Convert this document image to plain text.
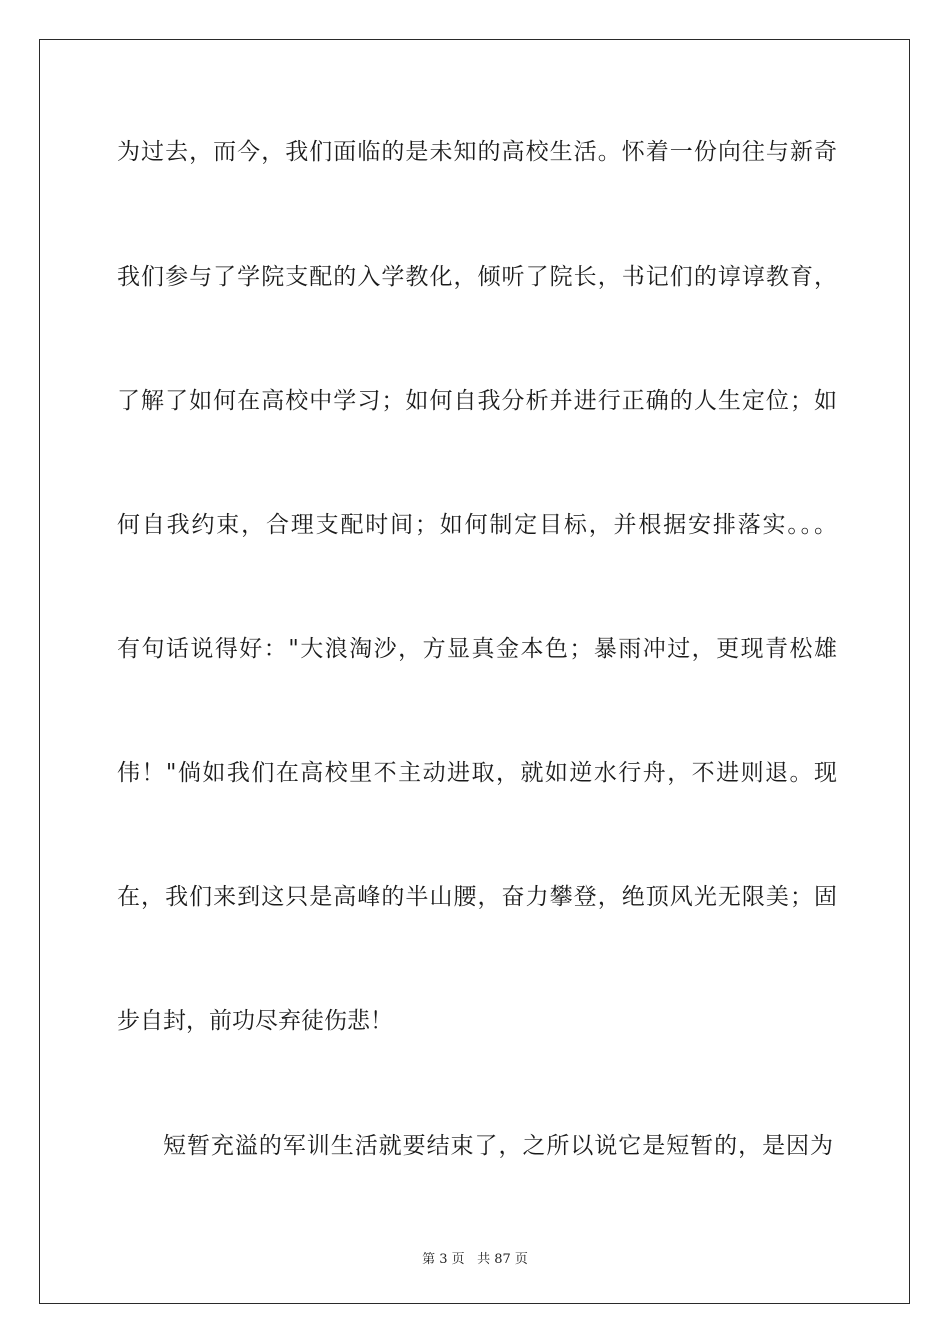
为过去，而今，我们面临的是未知的高校生活。怀着一份向往与新奇
我们参与了学院支配的入学教化，倾听了院长，书记们的谆谆教育，
了解了如何在高校中学习；如何自我分析并进行正确的人生定位；如
何自我约束，合理支配时间；如何制定目标，并根据安排落实。。。
有句话说得好："大浪淘沙，方显真金本色；暴雨冲过，更现青松雄
伟！"倘如我们在高校里不主动进取，就如逆水行舟，不进则退。现
在，我们来到这只是高峰的半山腰，奋力攀登，绝顶风光无限美；固
步自封，前功尽弃徒伤悲！
短暂充溢的军训生活就要结束了，之所以说它是短暂的，是因为
第 3 页 共 87 页
